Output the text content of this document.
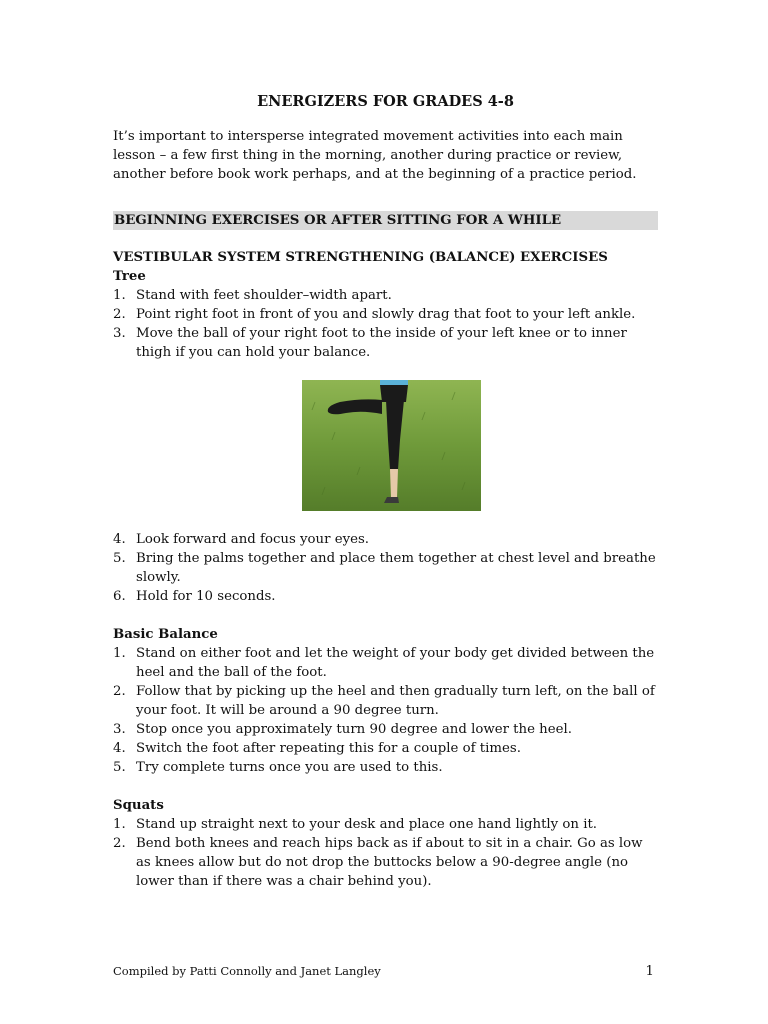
ENERGIZERS FOR GRADES 4-8

It’s important to intersperse integrated movement activities into each main lesson – a few first thing in the morning, another during practice or review, another before book work perhaps, and at the beginning of a practice period.

BEGINNING EXERCISES OR AFTER SITTING FOR A WHILE
VESTIBULAR SYSTEM STRENGTHENING (BALANCE) EXERCISES
Tree
1. Stand with feet shoulder–width apart.
2. Point right foot in front of you and slowly drag that foot to your left ankle.
3. Move the ball of your right foot to the inside of your left knee or to inner thigh if you can hold your balance.
4. Look forward and focus your eyes.
5. Bring the palms together and place them together at chest level and breathe slowly.
6. Hold for 10 seconds.
Basic Balance
1. Stand on either foot and let the weight of your body get divided between the heel and the ball of the foot.
2. Follow that by picking up the heel and then gradually turn left, on the ball of your foot. It will be around a 90 degree turn.
3. Stop once you approximately turn 90 degree and lower the heel.
4. Switch the foot after repeating this for a couple of times.
5. Try complete turns once you are used to this.
Squats
1. Stand up straight next to your desk and place one hand lightly on it.
2. Bend both knees and reach hips back as if about to sit in a chair. Go as low as knees allow but do not drop the buttocks below a 90-degree angle (no lower than if there was a chair behind you).
Compiled by Patti Connolly and Janet Langley	1
